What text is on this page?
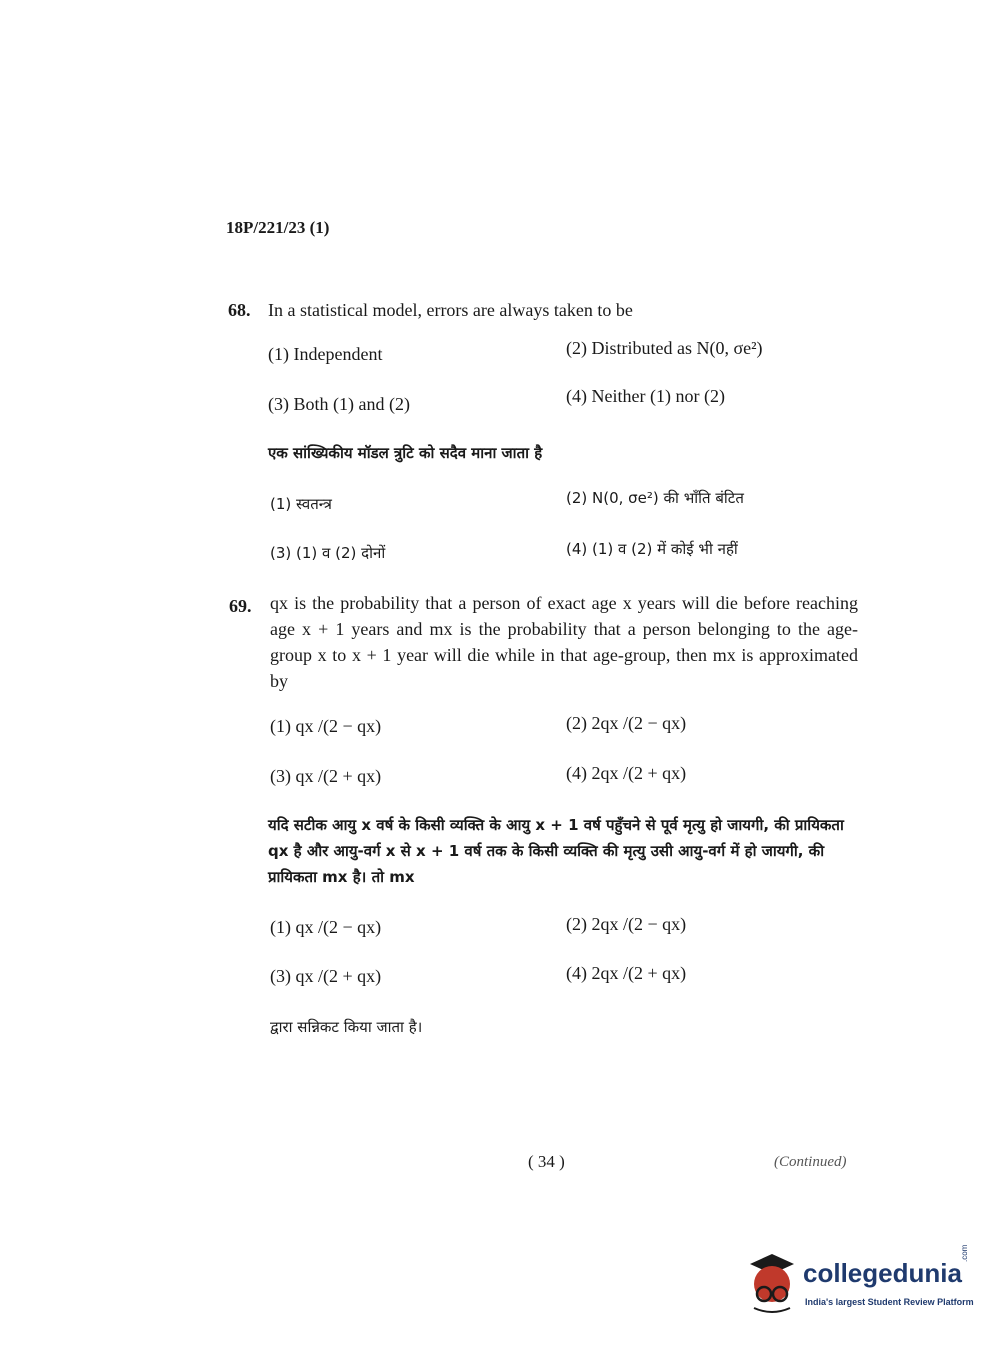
18P/221/23 (1)
68. In a statistical model, errors are always taken to be
(1) Independent	(2) Distributed as N(0, σe²)
(3) Both (1) and (2)	(4) Neither (1) nor (2)
एक सांख्यिकीय मॉडल त्रुटि को सदैव माना जाता है
(1) स्वतन्त्र	(2) N(0, σe²) की भाँति बंटित
(3) (1) व (2) दोनों	(4) (1) व (2) में कोई भी नहीं
69. qx is the probability that a person of exact age x years will die before reaching age x + 1 years and mx is the probability that a person belonging to the age-group x to x + 1 year will die while in that age-group, then mx is approximated by
(1) qx /(2 − qx)	(2) 2qx /(2 − qx)
(3) qx /(2 + qx)	(4) 2qx /(2 + qx)
यदि सटीक आयु x वर्ष के किसी व्यक्ति के आयु x + 1 वर्ष पहुँचने से पूर्व मृत्यु हो जायगी, की प्रायिकता qx है और आयु-वर्ग x से x + 1 वर्ष तक के किसी व्यक्ति की मृत्यु उसी आयु-वर्ग में हो जायगी, की प्रायिकता mx है। तो mx
(1) qx /(2 − qx)	(2) 2qx /(2 − qx)
(3) qx /(2 + qx)	(4) 2qx /(2 + qx)
द्वारा सन्निकट किया जाता है।
( 34 )	(Continued)
collegedunia
.com
India's largest Student Review Platform
